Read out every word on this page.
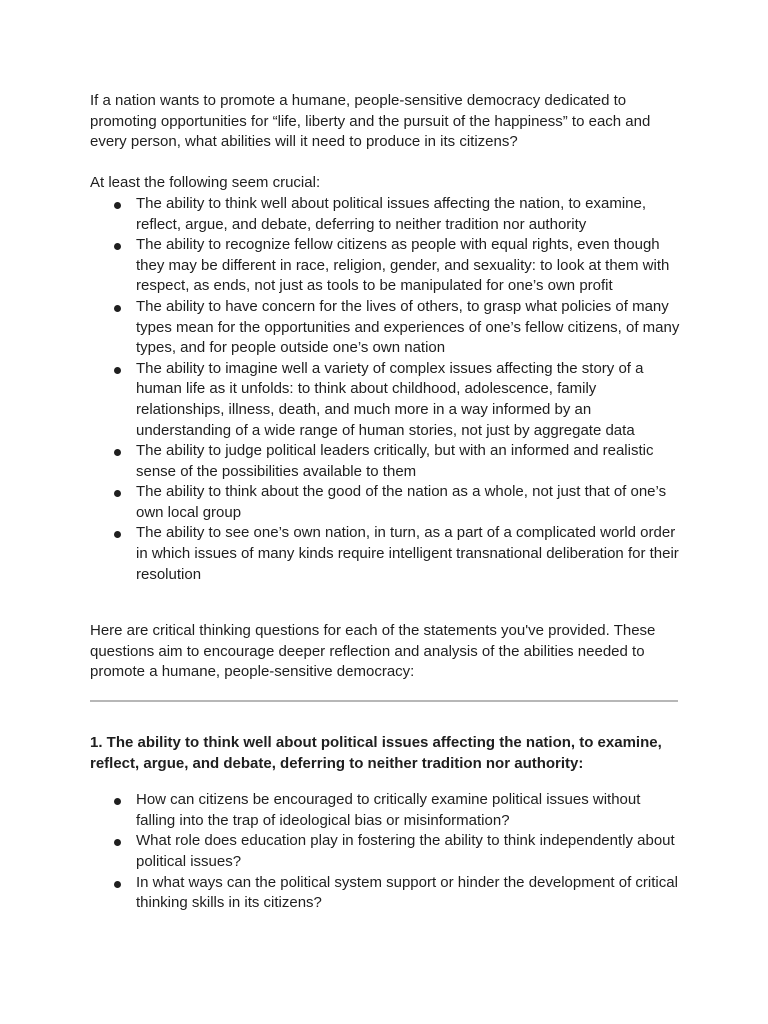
If a nation wants to promote a humane, people-sensitive democracy dedicated to promoting opportunities for “life, liberty and the pursuit of the happiness” to each and every person, what abilities will it need to produce in its citizens?

At least the following seem crucial:

The ability to think well about political issues affecting the nation, to examine, reflect, argue, and debate, deferring to neither tradition nor authority
The ability to recognize fellow citizens as people with equal rights, even though they may be different in race, religion, gender, and sexuality: to look at them with respect, as ends, not just as tools to be manipulated for one’s own profit
The ability to have concern for the lives of others, to grasp what policies of many types mean for the opportunities and experiences of one’s fellow citizens, of many types, and for people outside one’s own nation
The ability to imagine well a variety of complex issues affecting the story of a human life as it unfolds: to think about childhood, adolescence, family relationships, illness, death, and much more in a way informed by an understanding of a wide range of human stories, not just by aggregate data
The ability to judge political leaders critically, but with an informed and realistic sense of the possibilities available to them
The ability to think about the good of the nation as a whole, not just that of one’s own local group
The ability to see one’s own nation, in turn, as a part of a complicated world order in which issues of many kinds require intelligent transnational deliberation for their resolution

Here are critical thinking questions for each of the statements you've provided. These questions aim to encourage deeper reflection and analysis of the abilities needed to promote a humane, people-sensitive democracy:

1. The ability to think well about political issues affecting the nation, to examine, reflect, argue, and debate, deferring to neither tradition nor authority:

How can citizens be encouraged to critically examine political issues without falling into the trap of ideological bias or misinformation?
What role does education play in fostering the ability to think independently about political issues?
In what ways can the political system support or hinder the development of critical thinking skills in its citizens?
